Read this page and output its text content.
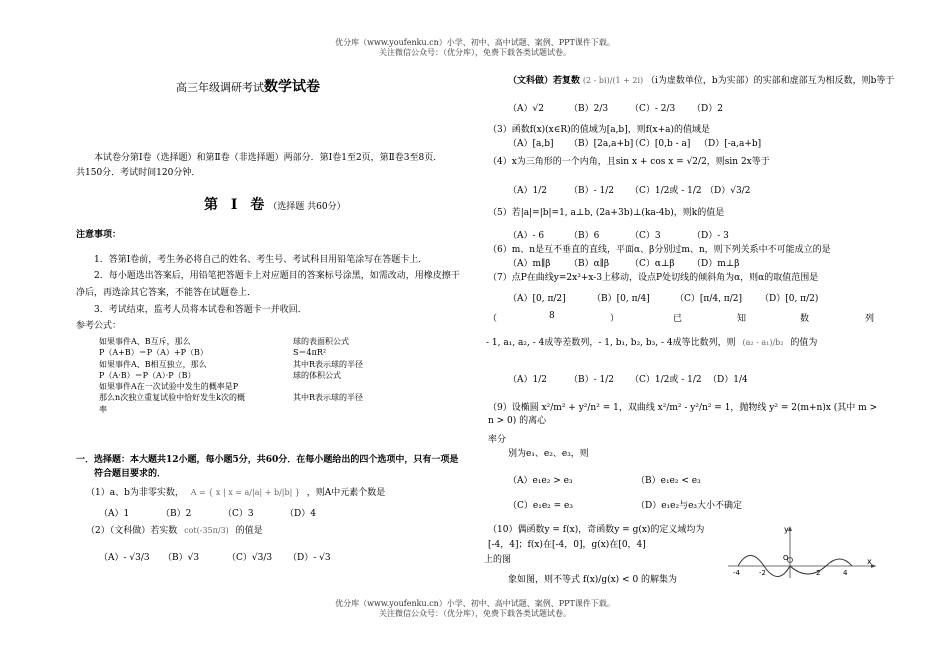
优分库（www.youfenku.cn）小学、初中、高中试题、案例、PPT课件下载。
关注微信公众号：（优分库），免费下载各类试题试卷。
高三年级调研考试数学试卷
本试卷分第Ⅰ卷（选择题）和第Ⅱ卷（非选择题）两部分．第Ⅰ卷1至2页，第Ⅱ卷3至8页．
共150分．考试时间120分钟．
第 Ⅰ 卷（选择题 共60分）
注意事项：
1．答第Ⅰ卷前，考生务必将自己的姓名、考生号、考试科目用铅笔涂写在答题卡上．
2．每小题选出答案后，用铅笔把答题卡上对应题目的答案标号涂黑，如需改动，用橡皮擦干
净后，再选涂其它答案，不能答在试题卷上．
3．考试结束，监考人员将本试卷和答题卡一并收回．
参考公式：
如果事件A、B互斥，那么
P（A+B）＝P（A）+P（B）
如果事件A、B相互独立，那么
P（A·B）＝P（A）·P（B）
如果事件A在一次试验中发生的概率是P
那么n次独立重复试验中恰好发生k次的概
率
球的表面积公式
S＝4πR²
其中R表示球的半径
球的体积公式
其中R表示球的半径
一．选择题：本大题共12小题，每小题5分，共60分．在每小题给出的四个选项中，只有一项是
符合题目要求的．
（1）a、b为非零实数， A = { x | x = a/|a| + b/|b| } ，则A中元素个数是
（A）1	（B）2	（C）3	（D）4
（2）（文科做）若实数 cot(-35π/3) 的值是
（A）- √3/3 （B）√3	（C）√3/3 （D）- √3
（文科做）若复数 (2 - bi)/(1 + 2i) （i为虚数单位，b为实部）的实部和虚部互为相反数，则b等于
（A）√2	（B）2/3 （C）- 2/3 （D）2
（3）函数f(x)(x∈R)的值域为[a,b]，则f(x+a)的值域是
（A）[a,b] （B）[2a,a+b]
（C）[0,b - a] （D）[-a,a+b]
（4）x为三角形的一个内角，且sin x + cos x = √2/2，则sin 2x等于
（A）1/2 （B）- 1/2 （C）1/2或 - 1/2 （D）√3/2
（5）若|a|=|b|=1, a⊥b, (2a+3b)⊥(ka-4b)，则k的值是
（A）- 6	（B）6	（C）3	（D）- 3
（6）m、n是互不垂直的直线，平面α、β分别过m、n，则下列关系中不可能成立的是
（A）m∥β （B）α∥β （C）α⊥β （D）m⊥β
（7）点P在曲线y=2x³+x-3上移动，设点P处切线的倾斜角为α，则α的取值范围是
（A）[0, π/2]	（B）[0, π/4]	（C）[π/4, π/2] （D）[0, π/2)
（	8	）	已	知	数	列
- 1, a₁, a₂, - 4成等差数列，- 1, b₁, b₂, b₃, - 4成等比数列，则 (a₂ - a₁)/b₂ 的值为
（A）1/2 （B）- 1/2 （C）1/2或 - 1/2 （D）1/4
（9）设椭圆 x²/m² + y²/n² = 1，双曲线 x²/m² - y²/n² = 1，抛物线 y² = 2(m+n)x (其中 m > n > 0) 的离心
率分
别为e₁、e₂、e₃，则
（A）e₁e₂ > e₃	（B）e₁e₂ < e₃
（C）e₁e₂ = e₃	（D）e₁e₂与e₃大小不确定
（10）偶函数y = f(x)，奇函数y = g(x)的定义域均为
[-4，4]；f(x)在[-4，0]，g(x)在[0，4]
上的图
象如图，则不等式 f(x)/g(x) < 0 的解集为
y
x
O
-4	-2	2	4
优分库（www.youfenku.cn）小学、初中、高中试题、案例、PPT课件下载。
关注微信公众号：（优分库），免费下载各类试题试卷。
